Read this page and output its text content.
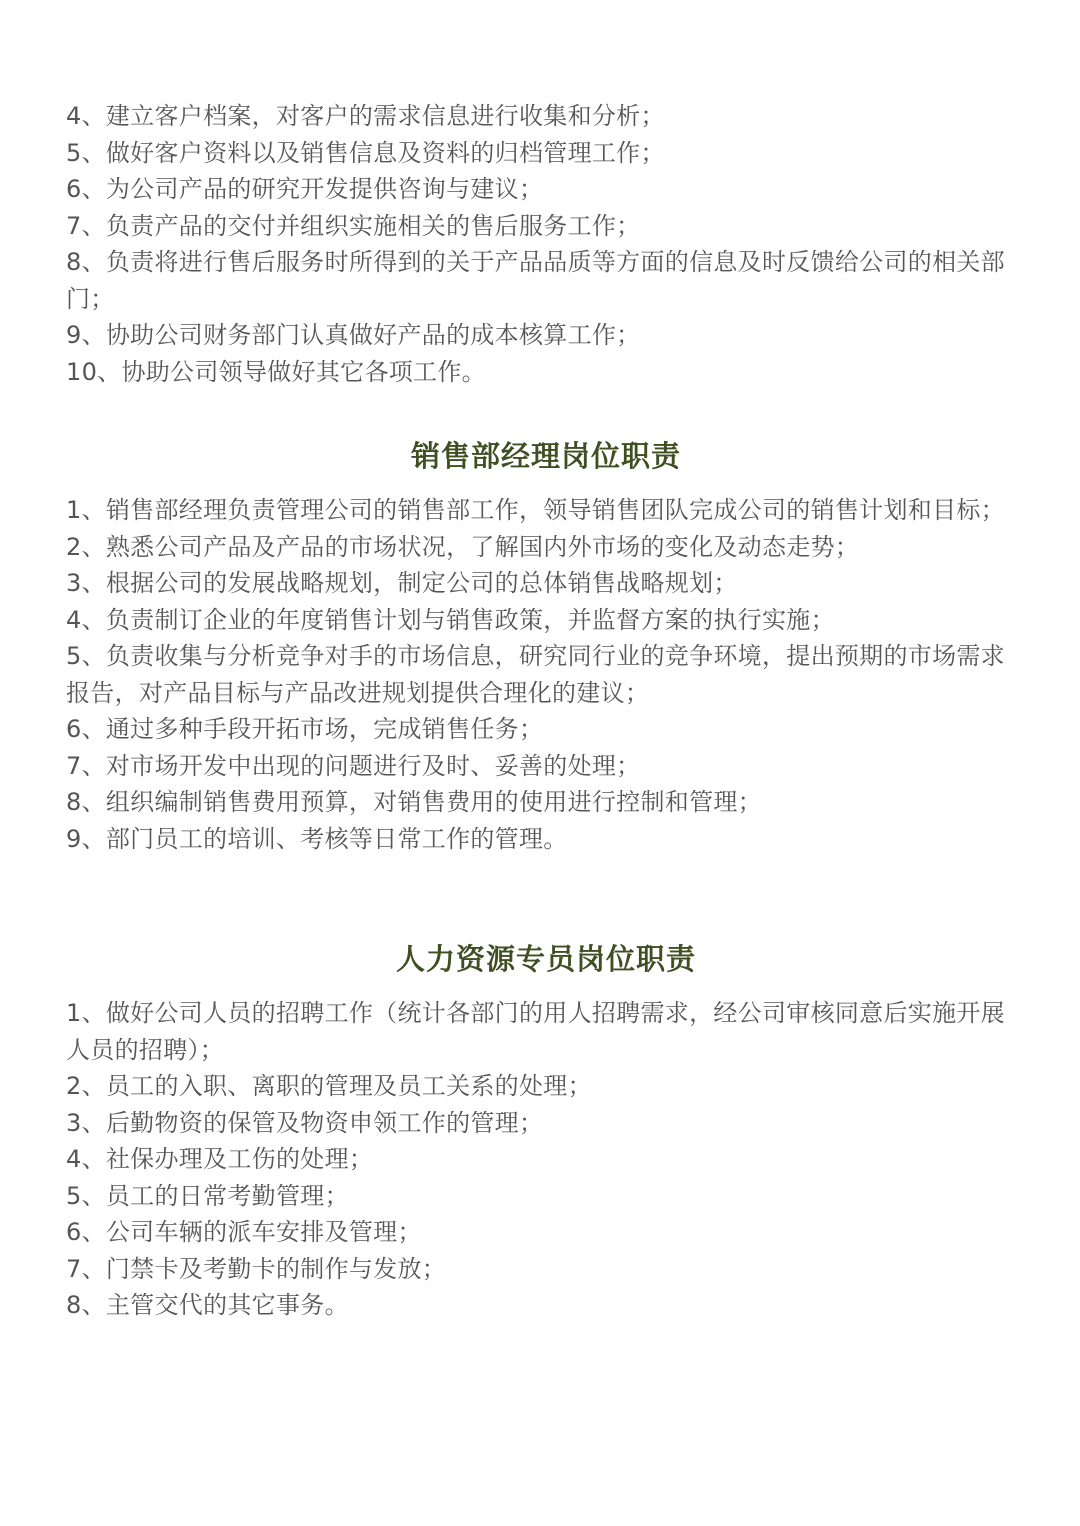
4、建立客户档案，对客户的需求信息进行收集和分析；
5、做好客户资料以及销售信息及资料的归档管理工作；
6、为公司产品的研究开发提供咨询与建议；
7、负责产品的交付并组织实施相关的售后服务工作；
8、负责将进行售后服务时所得到的关于产品品质等方面的信息及时反馈给公司的相关部门；
9、协助公司财务部门认真做好产品的成本核算工作；
10、协助公司领导做好其它各项工作。
销售部经理岗位职责
1、销售部经理负责管理公司的销售部工作，领导销售团队完成公司的销售计划和目标；
2、熟悉公司产品及产品的市场状况，了解国内外市场的变化及动态走势；
3、根据公司的发展战略规划，制定公司的总体销售战略规划；
4、负责制订企业的年度销售计划与销售政策，并监督方案的执行实施；
5、负责收集与分析竞争对手的市场信息，研究同行业的竞争环境，提出预期的市场需求报告，对产品目标与产品改进规划提供合理化的建议；
6、通过多种手段开拓市场，完成销售任务；
7、对市场开发中出现的问题进行及时、妥善的处理；
8、组织编制销售费用预算，对销售费用的使用进行控制和管理；
9、部门员工的培训、考核等日常工作的管理。
人力资源专员岗位职责
1、做好公司人员的招聘工作（统计各部门的用人招聘需求，经公司审核同意后实施开展人员的招聘）；
2、员工的入职、离职的管理及员工关系的处理；
3、后勤物资的保管及物资申领工作的管理；
4、社保办理及工伤的处理；
5、员工的日常考勤管理；
6、公司车辆的派车安排及管理；
7、门禁卡及考勤卡的制作与发放；
8、主管交代的其它事务。
